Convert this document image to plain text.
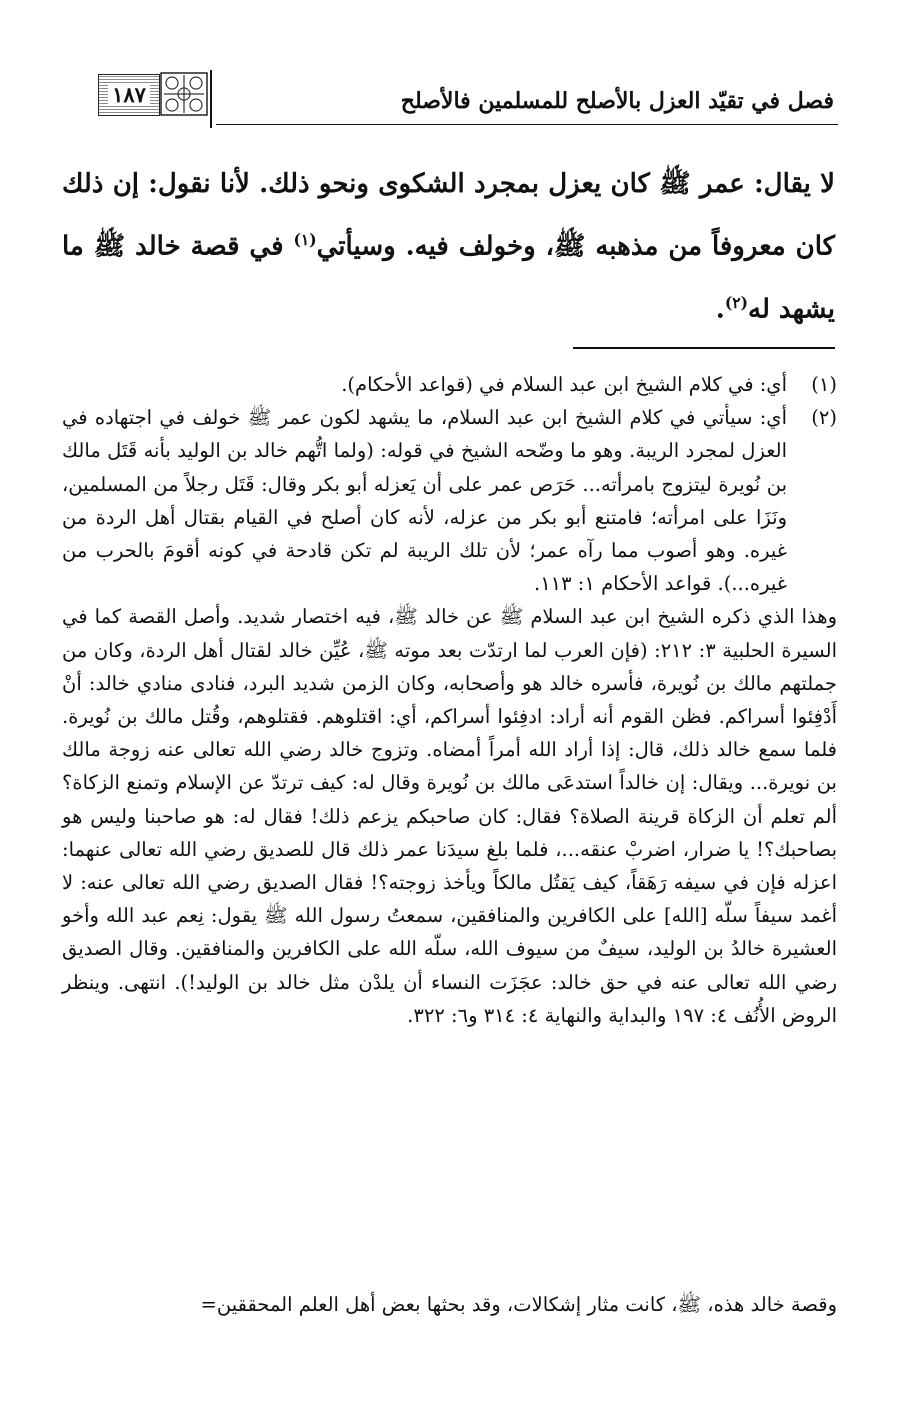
١٨٧	فصل في تقيّد العزل بالأصلح للمسلمين فالأصلح

لا يقال: عمر ﷺ كان يعزل بمجرد الشكوى ونحو ذلك. لأنا نقول: إن ذلك كان معروفاً من مذهبه ﷺ، وخولف فيه. وسيأتي$^{(١)}$ في قصة خالد ﷺ ما يشهد له$^{(٢)}$.

(١)
أي: في كلام الشيخ ابن عبد السلام في (قواعد الأحكام).
(٢)
أي: سيأتي في كلام الشيخ ابن عبد السلام، ما يشهد لكون عمر ﷺ خولف في اجتهاده في العزل لمجرد الريبة. وهو ما وضّحه الشيخ في قوله: (ولما اتُّهم خالد بن الوليد بأنه قَتَل مالك بن نُويرة ليتزوج بامرأته... حَرَص عمر على أن يَعزله أبو بكر وقال: قَتَل رجلاً من المسلمين، ونَزَا على امرأته؛ فامتنع أبو بكر من عزله، لأنه كان أصلح في القيام بقتال أهل الردة من غيره. وهو أصوب مما رآه عمر؛ لأن تلك الريبة لم تكن قادحة في كونه أقومَ بالحرب من غيره...). قواعد الأحكام ١: ١١٣.
وهذا الذي ذكره الشيخ ابن عبد السلام ﷺ عن خالد ﷺ، فيه اختصار شديد. وأصل القصة كما في السيرة الحلبية ٣: ٢١٢: (فإن العرب لما ارتدّت بعد موته ﷺ، عُيِّن خالد لقتال أهل الردة، وكان من جملتهم مالك بن نُويرة، فأسره خالد هو وأصحابه، وكان الزمن شديد البرد، فنادى منادي خالد: أنْ أَدْفِئوا أسراكم. فظن القوم أنه أراد: ادفِئوا أسراكم، أي: اقتلوهم. فقتلوهم، وقُتل مالك بن نُويرة. فلما سمع خالد ذلك، قال: إذا أراد الله أمراً أمضاه. وتزوج خالد رضي الله تعالى عنه زوجة مالك بن نويرة... ويقال: إن خالداً استدعَى مالك بن نُويرة وقال له: كيف ترتدّ عن الإسلام وتمنع الزكاة؟ ألم تعلم أن الزكاة قرينة الصلاة؟ فقال: كان صاحبكم يزعم ذلك! فقال له: هو صاحبنا وليس هو بصاحبك؟! يا ضرار، اضربْ عنقه...، فلما بلغ سيدَنا عمر ذلك قال للصديق رضي الله تعالى عنهما: اعزله فإن في سيفه رَهَقاً، كيف يَقتُل مالكاً ويأخذ زوجته؟! فقال الصديق رضي الله تعالى عنه: لا أغمد سيفاً سلّه [الله] على الكافرين والمنافقين، سمعتُ رسول الله ﷺ يقول: نِعم عبد الله وأخو العشيرة خالدُ بن الوليد، سيفٌ من سيوف الله، سلّه الله على الكافرين والمنافقين. وقال الصديق رضي الله تعالى عنه في حق خالد: عجَزَت النساء أن يلدْن مثل خالد بن الوليد!). انتهى. وينظر الروض الأُنُف ٤: ١٩٧ والبداية والنهاية ٤: ٣١٤ و٦: ٣٢٢.
وقصة خالد هذه، ﷺ، كانت مثار إشكالات، وقد بحثها بعض أهل العلم المحققين=
